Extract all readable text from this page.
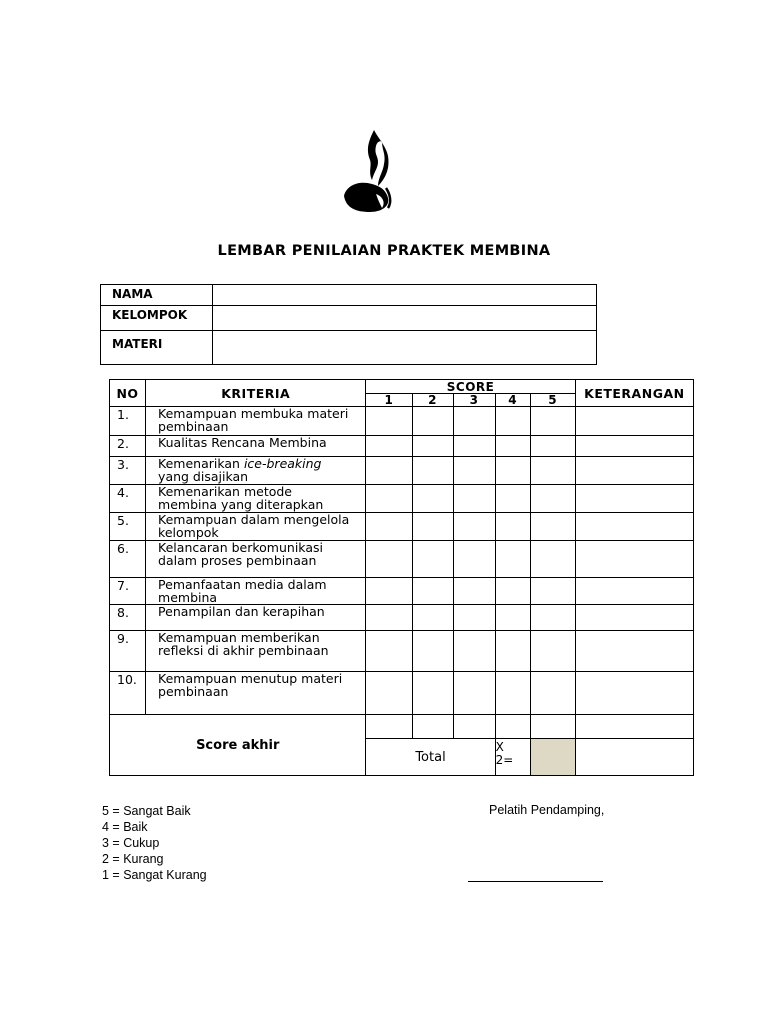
LEMBAR PENILAIAN PRAKTEK MEMBINA
NAMA	
KELOMPOK	
MATERI	
NO	KRITERIA	SCORE					KETERANGAN
		1	2	3	4	5	
1.	Kemampuan membuka materi
pembinaan						

2.	Kualitas Rencana Membina						

3.	Kemenarikan ice-breaking
yang disajikan						

4.	Kemenarikan metode
membina yang diterapkan						

5.	Kemampuan dalam mengelola
kelompok						

6.	Kelancaran berkomunikasi
dalam proses pembinaan						

7.	Pemanfaatan media dalam
membina						

8.	Penampilan dan kerapihan						

9.	Kemampuan memberikan
refleksi di akhir pembinaan						

10.	Kemampuan menutup materi
pembinaan						

Score akhir							
		Total			X
2=		

5 = Sangat Baik
4 = Baik
3 = Cukup
2 = Kurang
1 = Sangat Kurang
Pelatih Pendamping,
